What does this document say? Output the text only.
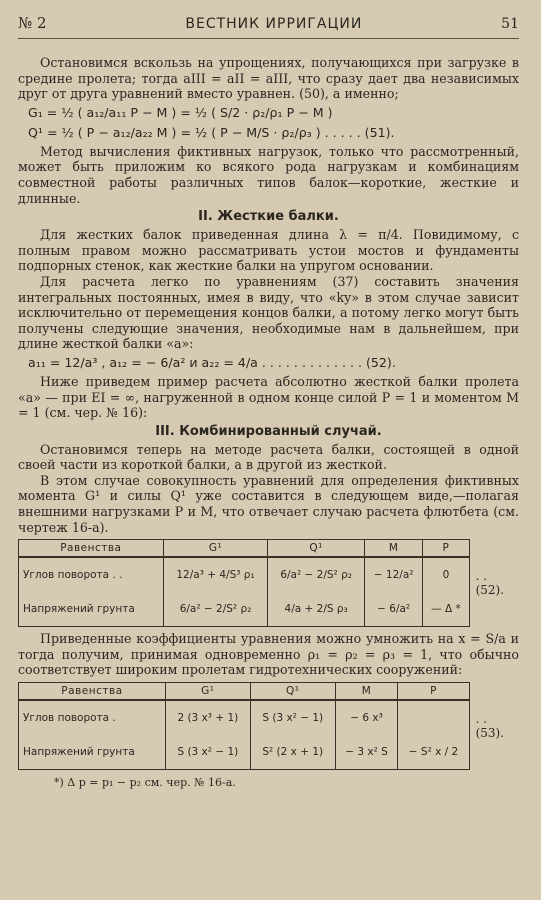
№ 2	ВЕСТНИК ИРРИГАЦИИ	51

Остановимся вскользь на упрощениях, получающихся при загрузке в средине пролета; тогда aIII = aII = aIII, что сразу дает два независимых друг от друга уравнений вместо уравнен. (50), а именно;

G₁ = ½ ( a₁₂/a₁₁ P − M ) = ½ ( S/2 · ρ₂/ρ₁ P − M )
Q¹ = ½ ( P − a₁₂/a₂₂ M ) = ½ ( P − M/S · ρ₂/ρ₃ ) . . . . . (51).

Метод вычисления фиктивных нагрузок, только что рассмотренный, может быть приложим ко всякого рода нагрузкам и комбинациям совместной работы различных типов балок—короткие, жесткие и длинные.

II. Жесткие балки.

Для жестких балок приведенная длина λ = π/4. Повидимому, с полным правом можно рассматривать устои мостов и фундаменты подпорных стенок, как жесткие балки на упругом основании.

Для расчета легко по уравнениям (37) составить значения интегральных постоянных, имея в виду, что «ky» в этом случае зависит исключительно от перемещения концов балки, а потому легко могут быть получены следующие значения, необходимые нам в дальнейшем, при длине жесткой балки «a»:

a₁₁ = 12/a³ , a₁₂ = − 6/a² и a₂₂ = 4/a . . . . . . . . . . . . . (52).

Ниже приведем пример расчета абсолютно жесткой балки пролета «a» — при EI = ∞, нагруженной в одном конце силой P = 1 и моментом M = 1 (см. чер. № 16):

III. Комбинированный случай.

Остановимся теперь на методе расчета балки, состоящей в одной своей части из короткой балки, а в другой из жесткой.

В этом случае совокупность уравнений для определения фиктивных момента G¹ и силы Q¹ уже составится в следующем виде,—полагая внешними нагрузками P и M, что отвечает случаю расчета флютбета (см. чертеж 16-а).

Равенства	G¹	Q¹	M	P
Углов поворота . .	12/a³ + 4/S³ ρ₁	6/a² − 2/S² ρ₂	− 12/a²	0
Напряжений грунта	6/a² − 2/S² ρ₂	4/a + 2/S ρ₃	− 6/a²	— Δ *
. . (52).

Приведенные коэффициенты уравнения можно умножить на x = S/a и тогда получим, принимая одновременно ρ₁ = ρ₂ = ρ₃ = 1, что обычно соответствует широким пролетам гидротехнических сооружений:

Равенства	G¹	Q¹	M	P
Углов поворота .	2 (3 x³ + 1)	S (3 x² − 1)	− 6 x³	
Напряжений грунта	S (3 x² − 1)	S² (2 x + 1)	− 3 x² S	− S² x / 2
. . (53).
*) Δ p = p₁ − p₂ см. чер. № 16-а.
